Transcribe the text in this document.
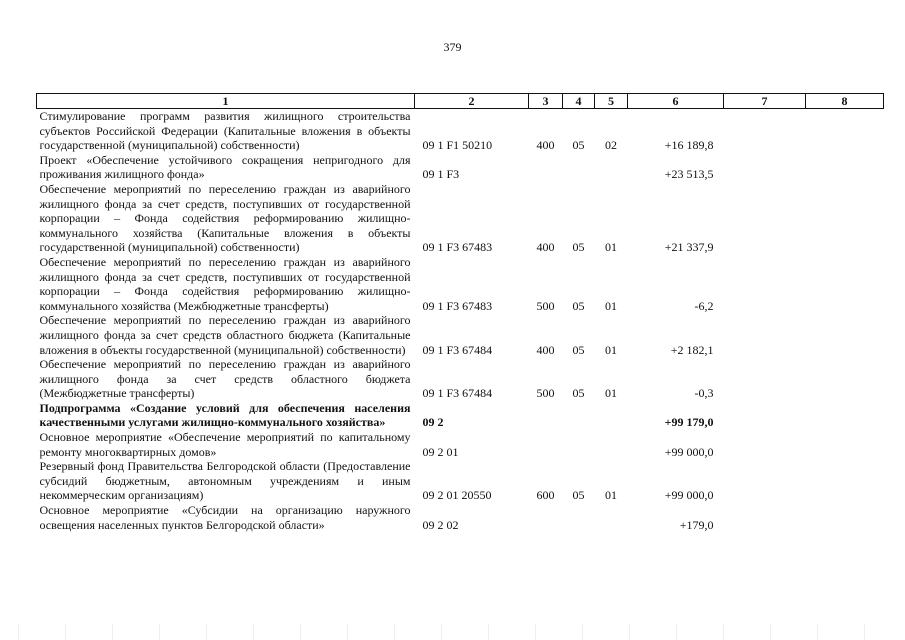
379
1	2	3	4	5	6	7	8
Стимулирование программ развития жилищного строительства субъектов Российской Федерации (Капитальные вложения в объекты государственной (муниципальной) собственности)	09 1 F1 50210	400	05	02	+16 189,8		
Проект «Обеспечение устойчивого сокращения непригодного для проживания жилищного фонда»	09 1 F3				+23 513,5		
Обеспечение мероприятий по переселению граждан из аварийного жилищного фонда за счет средств, поступивших от государственной корпорации – Фонда содействия реформированию жилищно-коммунального хозяйства (Капитальные вложения в объекты государственной (муниципальной) собственности)	09 1 F3 67483	400	05	01	+21 337,9		
Обеспечение мероприятий по переселению граждан из аварийного жилищного фонда за счет средств, поступивших от государственной корпорации – Фонда содействия реформированию жилищно-коммунального хозяйства (Межбюджетные трансферты)	09 1 F3 67483	500	05	01	-6,2		
Обеспечение мероприятий по переселению граждан из аварийного жилищного фонда за счет средств областного бюджета (Капитальные вложения в объекты государственной (муниципальной) собственности)	09 1 F3 67484	400	05	01	+2 182,1		
Обеспечение мероприятий по переселению граждан из аварийного жилищного фонда за счет средств областного бюджета (Межбюджетные трансферты)	09 1 F3 67484	500	05	01	-0,3		
Подпрограмма «Создание условий для обеспечения населения качественными услугами жилищно-коммунального хозяйства»	09 2				+99 179,0		
Основное мероприятие «Обеспечение мероприятий по капитальному ремонту многоквартирных домов»	09 2 01				+99 000,0		
Резервный фонд Правительства Белгородской области (Предоставление субсидий бюджетным, автономным учреждениям и иным некоммерческим организациям)	09 2 01 20550	600	05	01	+99 000,0		
Основное мероприятие «Субсидии на организацию наружного освещения населенных пунктов Белгородской области»	09 2 02				+179,0		
